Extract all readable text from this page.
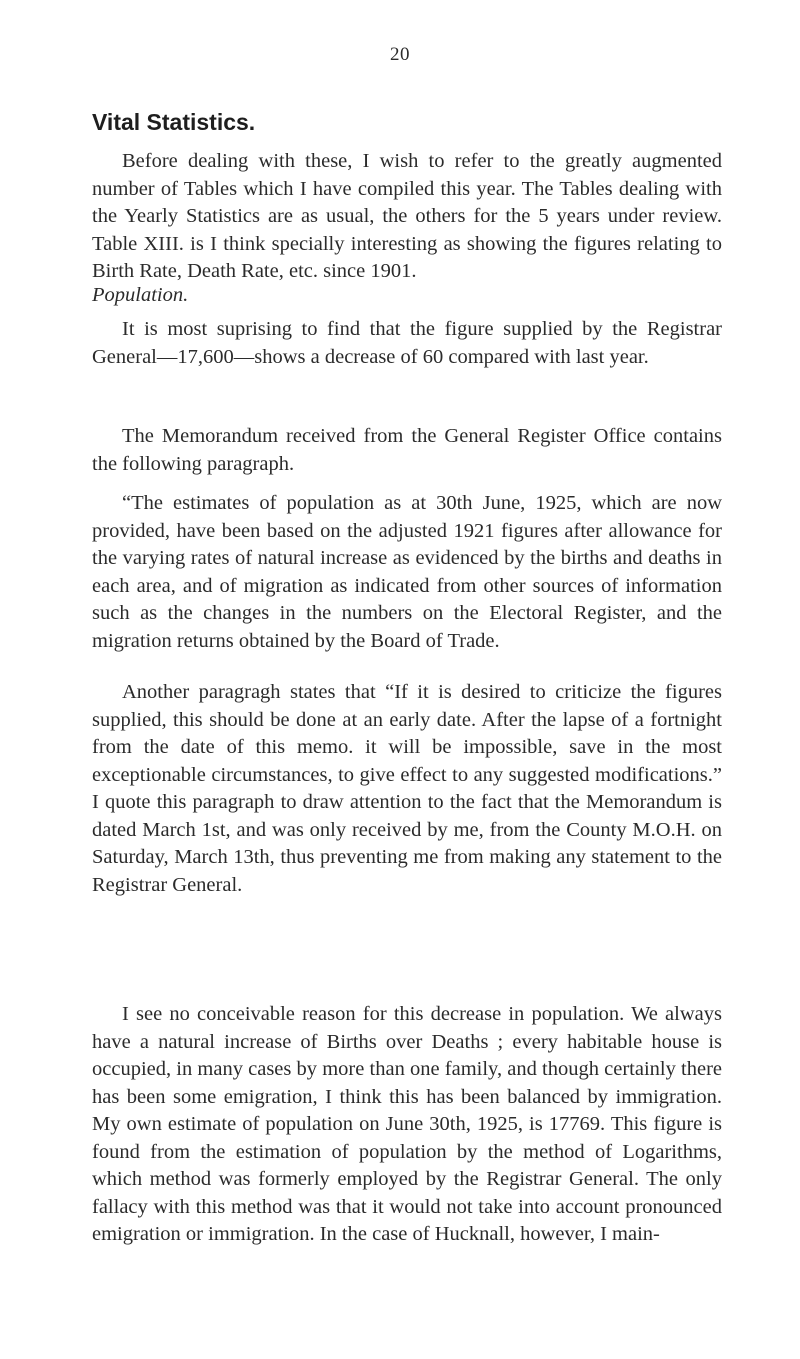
20
Vital Statistics.

Before dealing with these, I wish to refer to the greatly augmented number of Tables which I have compiled this year. The Tables dealing with the Yearly Statistics are as usual, the others for the 5 years under review. Table XIII. is I think specially interesting as showing the figures relating to Birth Rate, Death Rate, etc. since 1901.

Population.

It is most suprising to find that the figure supplied by the Registrar General—17,600—shows a decrease of 60 compared with last year.

The Memorandum received from the General Register Office contains the following paragraph.

“The estimates of population as at 30th June, 1925, which are now provided, have been based on the adjusted 1921 figures after allowance for the varying rates of natural increase as evidenced by the births and deaths in each area, and of migration as indicated from other sources of information such as the changes in the numbers on the Electoral Register, and the migration returns obtained by the Board of Trade.

Another paragragh states that “If it is desired to criticize the figures supplied, this should be done at an early date. After the lapse of a fortnight from the date of this memo. it will be impossible, save in the most exceptionable circumstances, to give effect to any suggested modifications.” I quote this paragraph to draw attention to the fact that the Memorandum is dated March 1st, and was only received by me, from the County M.O.H. on Saturday, March 13th, thus preventing me from making any statement to the Registrar General.

I see no conceivable reason for this decrease in population. We always have a natural increase of Births over Deaths ; every habitable house is occupied, in many cases by more than one family, and though certainly there has been some emigration, I think this has been balanced by immigration. My own estimate of population on June 30th, 1925, is 17769. This figure is found from the estimation of population by the method of Logarithms, which method was formerly employed by the Registrar General. The only fallacy with this method was that it would not take into account pronounced emigration or immigration. In the case of Hucknall, however, I main-
